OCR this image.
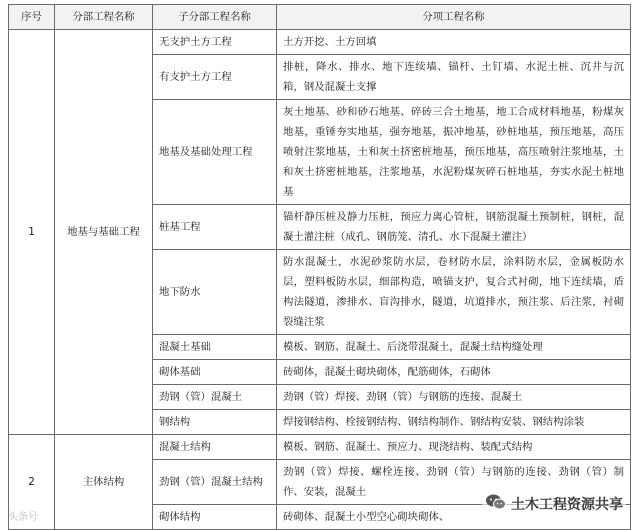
序号	分部工程名称	子分部工程名称	分项工程名称
1	地基与基础工程	无支护土方工程	土方开挖、土方回填
		有支护土方工程	排桩，降水、排水、地下连续墙、锚杆、土钉墙、水泥土桩、沉井与沉箱，钢及混凝土支撑
		地基及基础处理工程	灰土地基、砂和砂石地基、碎砖三合土地基，地工合成材料地基，粉煤灰地基，重锤夯实地基，强夯地基，振冲地基，砂桩地基，预压地基，高压喷射注浆地基，土和灰土挤密桩地基，预压地基，高压喷射注浆地基，土和灰土挤密桩地基，注浆地基，水泥粉煤灰碎石桩地基，夯实水泥土桩地基
		桩基工程	锚杆静压桩及静力压桩，预应力离心管桩，钢筋混凝土预制桩，钢桩，混凝土灌注桩（成孔、钢筋笼、清孔、水下混凝土灌注）
		地下防水	防水混凝土，水泥砂浆防水层，卷材防水层，涂料防水层，金属板防水层，塑料板防水层，细部构造，喷锚支护，复合式衬砌，地下连续墙，盾构法隧道，渗排水、盲沟排水，隧道，坑道排水，预注浆、后注浆，衬砌裂缝注浆
		混凝土基础	模板、钢筋、混凝土、后浇带混凝土，混凝土结构缝处理
		砌体基础	砖砌体，混凝土砌块砌体，配筋砌体，石砌体
		劲钢（管）混凝土	劲钢（管）焊接、劲钢（管）与钢筋的连接、混凝土
		钢结构	焊接钢结构、栓接钢结构、钢结构制作、钢结构安装、钢结构涂装
2	主体结构	混凝土结构	模板、钢筋、混凝土、预应力、现浇结构、装配式结构
		劲钢（管）混凝土结构	劲钢（管）焊接、螺栓连接、劲钢（管）与钢筋的连接、劲钢（管）制作、安装，混凝土
		砌体结构	砖砌体、混凝土小型空心砌块砌体、
头条号
土木工程资源共享
